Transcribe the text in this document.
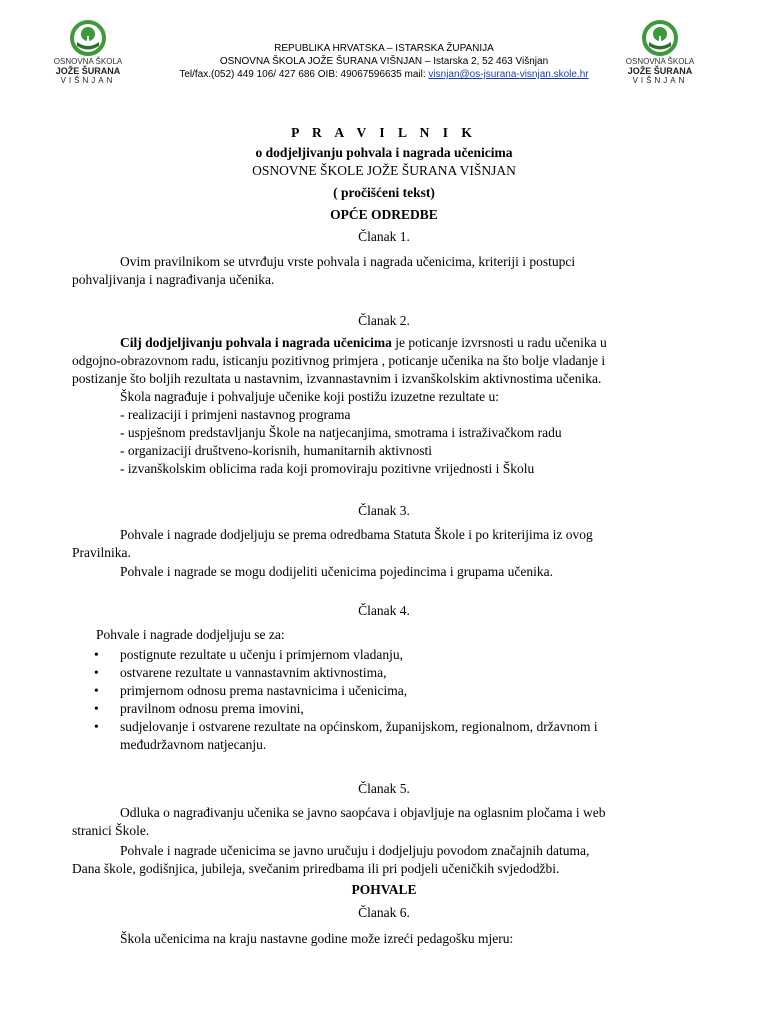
OSNOVNA ŠKOLA
JOŽE ŠURANA
VIŠNJAN
OSNOVNA ŠKOLA
JOŽE ŠURANA
VIŠNJAN
REPUBLIKA HRVATSKA – ISTARSKA ŽUPANIJA
OSNOVNA ŠKOLA JOŽE ŠURANA VIŠNJAN – Istarska 2, 52 463 Višnjan
Tel/fax.(052) 449 106/ 427 686 OIB: 49067596635 mail: visnjan@os-jsurana-visnjan.skole.hr
P R A V I L N I K
o dodjeljivanju pohvala i nagrada učenicima
OSNOVNE ŠKOLE JOŽE ŠURANA VIŠNJAN
( pročišćeni tekst)
OPĆE ODREDBE
Članak 1.
Ovim pravilnikom se utvrđuju vrste pohvala i nagrada učenicima, kriteriji i postupci
pohvaljivanja i nagrađivanja učenika.
Članak 2.
Cilj dodjeljivanju pohvala i nagrada učenicima je poticanje izvrsnosti u radu učenika u
odgojno-obrazovnom radu, isticanju pozitivnog primjera , poticanje učenika na što bolje vladanje i
postizanje što boljih rezultata u nastavnim, izvannastavnim i izvanškolskim aktivnostima učenika.
Škola nagrađuje i pohvaljuje učenike koji postižu izuzetne rezultate u:
- realizaciji i primjeni nastavnog programa
- uspješnom predstavljanju Škole na natjecanjima, smotrama i istraživačkom radu
- organizaciji društveno-korisnih, humanitarnih aktivnosti
- izvanškolskim oblicima rada koji promoviraju pozitivne vrijednosti i Školu
Članak 3.
Pohvale i nagrade dodjeljuju se prema odredbama Statuta Škole i po kriterijima iz ovog
Pravilnika.
Pohvale i nagrade se mogu dodijeliti učenicima pojedincima i grupama učenika.
Članak 4.
Pohvale i nagrade dodjeljuju se za:
• postignute rezultate u učenju i primjernom vladanju,
• ostvarene rezultate u vannastavnim aktivnostima,
• primjernom odnosu prema nastavnicima i učenicima,
• pravilnom odnosu prema imovini,
• sudjelovanje i ostvarene rezultate na općinskom, županijskom, regionalnom, državnom i
međudržavnom natjecanju.
Članak 5.
Odluka o nagrađivanju učenika se javno saopćava i objavljuje na oglasnim pločama i web
stranici Škole.
Pohvale i nagrade učenicima se javno uručuju i dodjeljuju povodom značajnih datuma,
Dana škole, godišnjica, jubileja, svečanim priredbama ili pri podjeli učeničkih svjedodžbi.
POHVALE
Članak 6.
Škola učenicima na kraju nastavne godine može izreći pedagošku mjeru:
